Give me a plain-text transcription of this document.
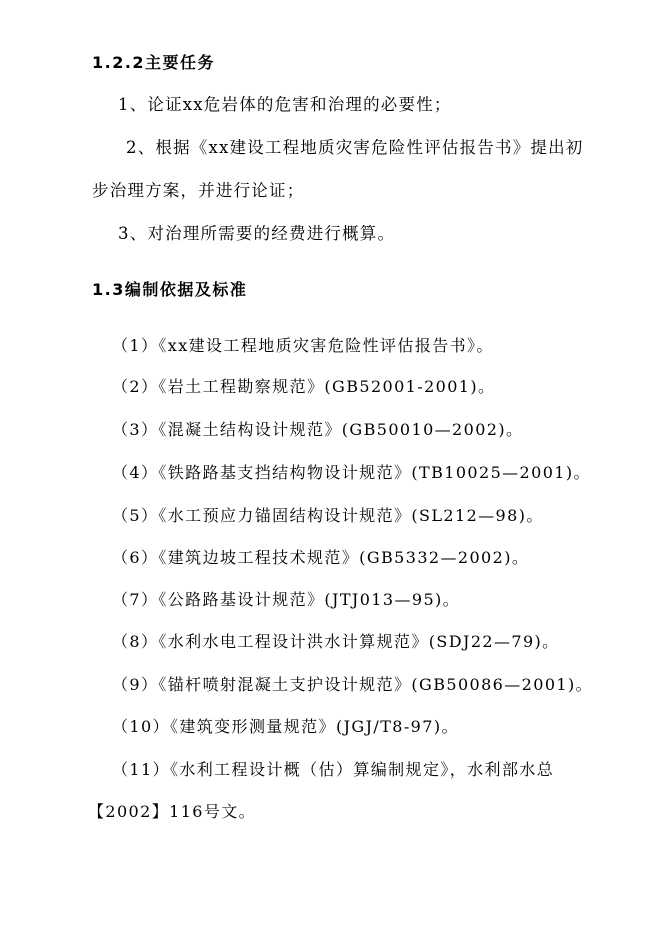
1.2.2主要任务
1、论证xx危岩体的危害和治理的必要性；
2、根据《xx建设工程地质灾害危险性评估报告书》提出初
步治理方案，并进行论证；
3、对治理所需要的经费进行概算。
1.3编制依据及标准
（1）《xx建设工程地质灾害危险性评估报告书》。
（2）《岩土工程勘察规范》(GB52001-2001)。
（3）《混凝土结构设计规范》(GB50010—2002)。
（4）《铁路路基支挡结构物设计规范》(TB10025—2001)。
（5）《水工预应力锚固结构设计规范》(SL212—98)。
（6）《建筑边坡工程技术规范》(GB5332—2002)。
（7）《公路路基设计规范》(JTJ013—95)。
（8）《水利水电工程设计洪水计算规范》(SDJ22—79)。
（9）《锚杆喷射混凝土支护设计规范》(GB50086—2001)。
（10）《建筑变形测量规范》(JGJ/T8-97)。
（11）《水利工程设计概（估）算编制规定》，水利部水总
【2002】116号文。
